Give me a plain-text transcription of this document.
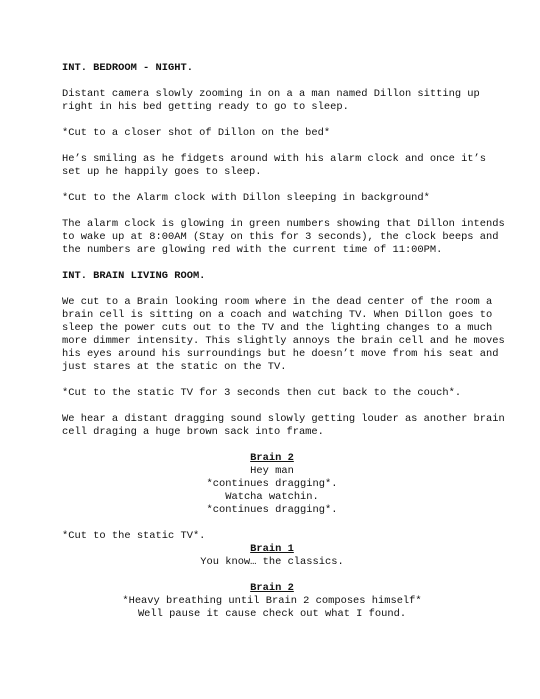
INT. BEDROOM - NIGHT.
Distant camera slowly zooming in on a a man named Dillon sitting up
right in his bed getting ready to go to sleep.
*Cut to a closer shot of Dillon on the bed*
He’s smiling as he fidgets around with his alarm clock and once it’s
set up he happily goes to sleep.
*Cut to the Alarm clock with Dillon sleeping in background*
The alarm clock is glowing in green numbers showing that Dillon intends
to wake up at 8:00AM (Stay on this for 3 seconds), the clock beeps and
the numbers are glowing red with the current time of 11:00PM.
INT. BRAIN LIVING ROOM.
We cut to a Brain looking room where in the dead center of the room a
brain cell is sitting on a coach and watching TV. When Dillon goes to
sleep the power cuts out to the TV and the lighting changes to a much
more dimmer intensity. This slightly annoys the brain cell and he moves
his eyes around his surroundings but he doesn’t move from his seat and
just stares at the static on the TV.
*Cut to the static TV for 3 seconds then cut back to the couch*.
We hear a distant dragging sound slowly getting louder as another brain
cell draging a huge brown sack into frame.
Brain 2
Hey man
*continues dragging*.
Watcha watchin.
*continues dragging*.
*Cut to the static TV*.
Brain 1
You know… the classics.
Brain 2
*Heavy breathing until Brain 2 composes himself*
Well pause it cause check out what I found.
